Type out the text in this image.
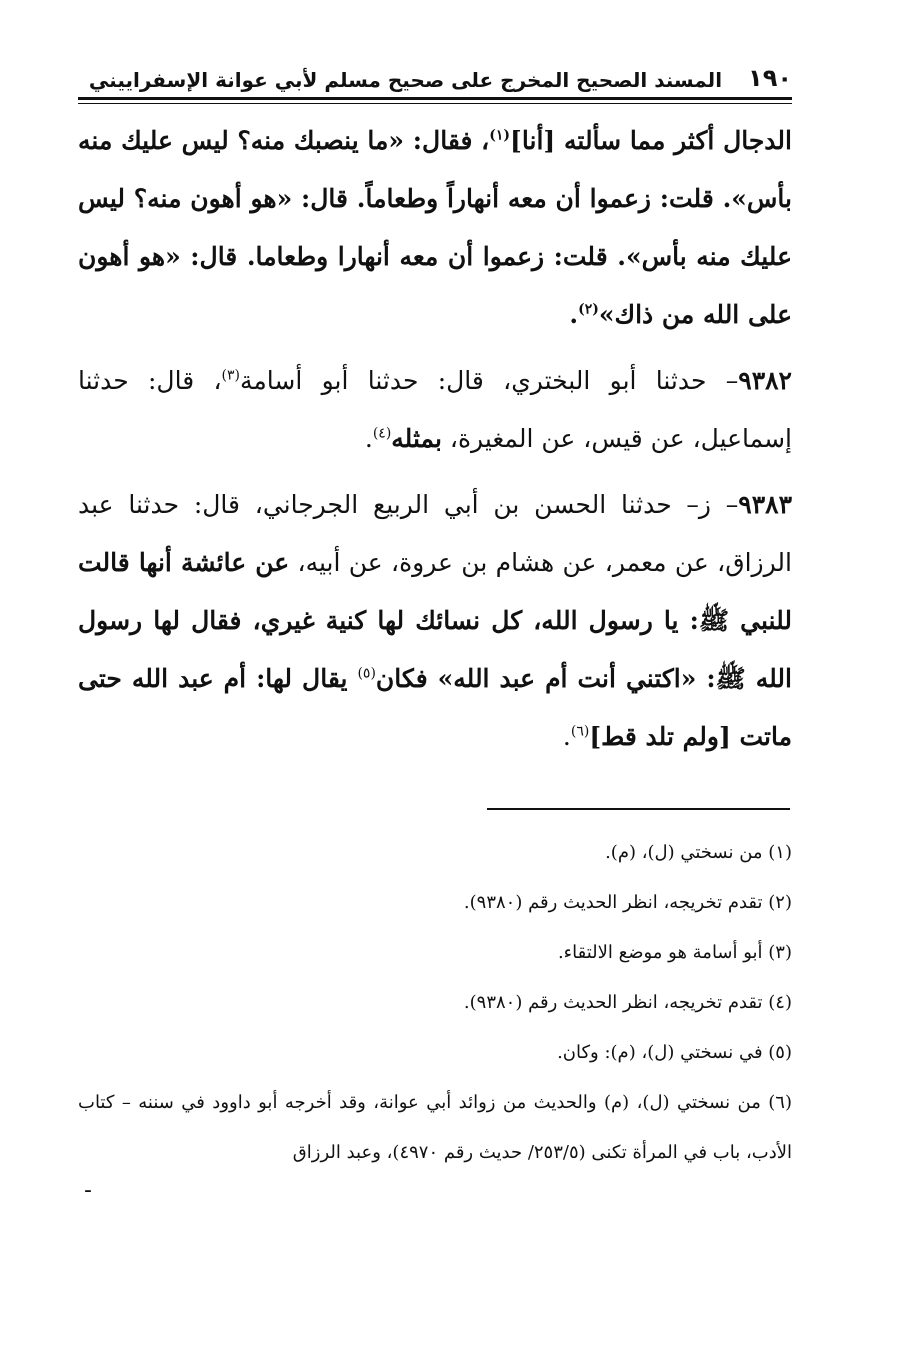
١٩٠
المسند الصحيح المخرج على صحيح مسلم لأبي عوانة الإسفراييني

الدجال أكثر مما سألته [أنا]$^{(١)}$، فقال: «ما ينصبك منه؟ ليس عليك منه بأس». قلت: زعموا أن معه أنهاراً وطعاماً. قال: «هو أهون منه؟ ليس عليك منه بأس». قلت: زعموا أن معه أنهارا وطعاما. قال: «هو أهون على الله من ذاك»$^{(٢)}$.

٩٣٨٢– حدثنا أبو البختري، قال: حدثنا أبو أسامة$^{(٣)}$، قال: حدثنا إسماعيل، عن قيس، عن المغيرة، بمثله$^{(٤)}$.

٩٣٨٣– ز– حدثنا الحسن بن أبي الربيع الجرجاني، قال: حدثنا عبد الرزاق، عن معمر، عن هشام بن عروة، عن أبيه، عن عائشة أنها قالت للنبي ﷺ: يا رسول الله، كل نسائك لها كنية غيري، فقال لها رسول الله ﷺ: «اكتني أنت أم عبد الله» فكان$^{(٥)}$ يقال لها: أم عبد الله حتى ماتت [ولم تلد قط]$^{(٦)}$.

(١) من نسختي (ل)، (م).

(٢) تقدم تخريجه، انظر الحديث رقم (٩٣٨٠).

(٣) أبو أسامة هو موضع الالتقاء.

(٤) تقدم تخريجه، انظر الحديث رقم (٩٣٨٠).

(٥) في نسختي (ل)، (م): وكان.

(٦) من نسختي (ل)، (م) والحديث من زوائد أبي عوانة، وقد أخرجه أبو داوود في سننه – كتاب الأدب، باب في المرأة تكنى (٢٥٣/٥/ حديث رقم ٤٩٧٠)، وعبد الرزاق

-
